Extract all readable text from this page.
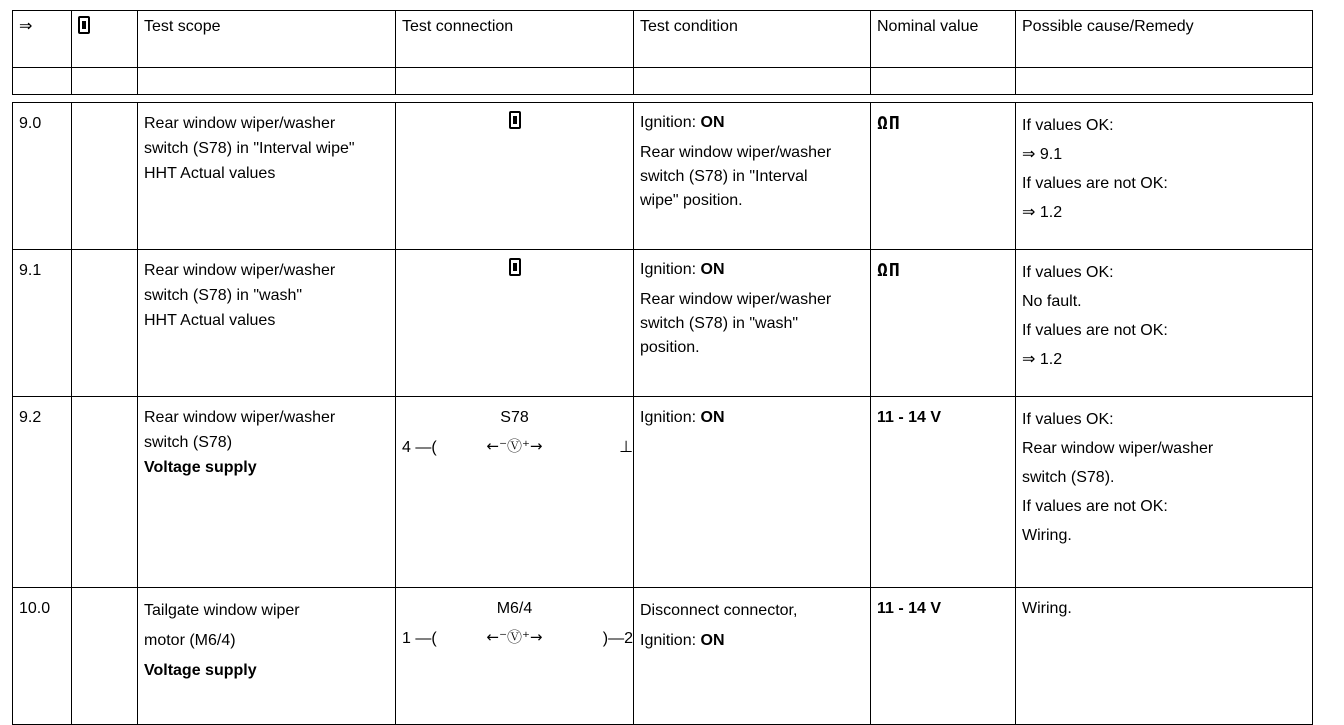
⇒		Test scope	Test connection	Test condition	Nominal value	Possible cause/Remedy

9.0		Rear window wiper/washer
switch (S78) in "Interval wipe"
HHT Actual values		Ignition: ON
Rear window wiper/washer
switch (S78) in "Interval
wipe" position.	ΩΠ	If values OK:
⇒ 9.1
If values are not OK:
⇒ 1.2

9.1		Rear window wiper/washer
switch (S78) in "wash"
HHT Actual values		Ignition: ON
Rear window wiper/washer
switch (S78) in "wash"
position.	ΩΠ	If values OK:
No fault.
If values are not OK:
⇒ 1.2

9.2		Rear window wiper/washer
switch (S78)
Voltage supply	S78
4 —( ←⁻Ⓥ⁺→ ⊥	Ignition: ON	11 - 14 V	If values OK:
Rear window wiper/washer
switch (S78).
If values are not OK:
Wiring.

10.0		Tailgate window wiper
motor (M6/4)
Voltage supply	M6/4
1 —( ←⁻Ⓥ⁺→ )—2	Disconnect connector,
Ignition: ON	11 - 14 V	Wiring.
